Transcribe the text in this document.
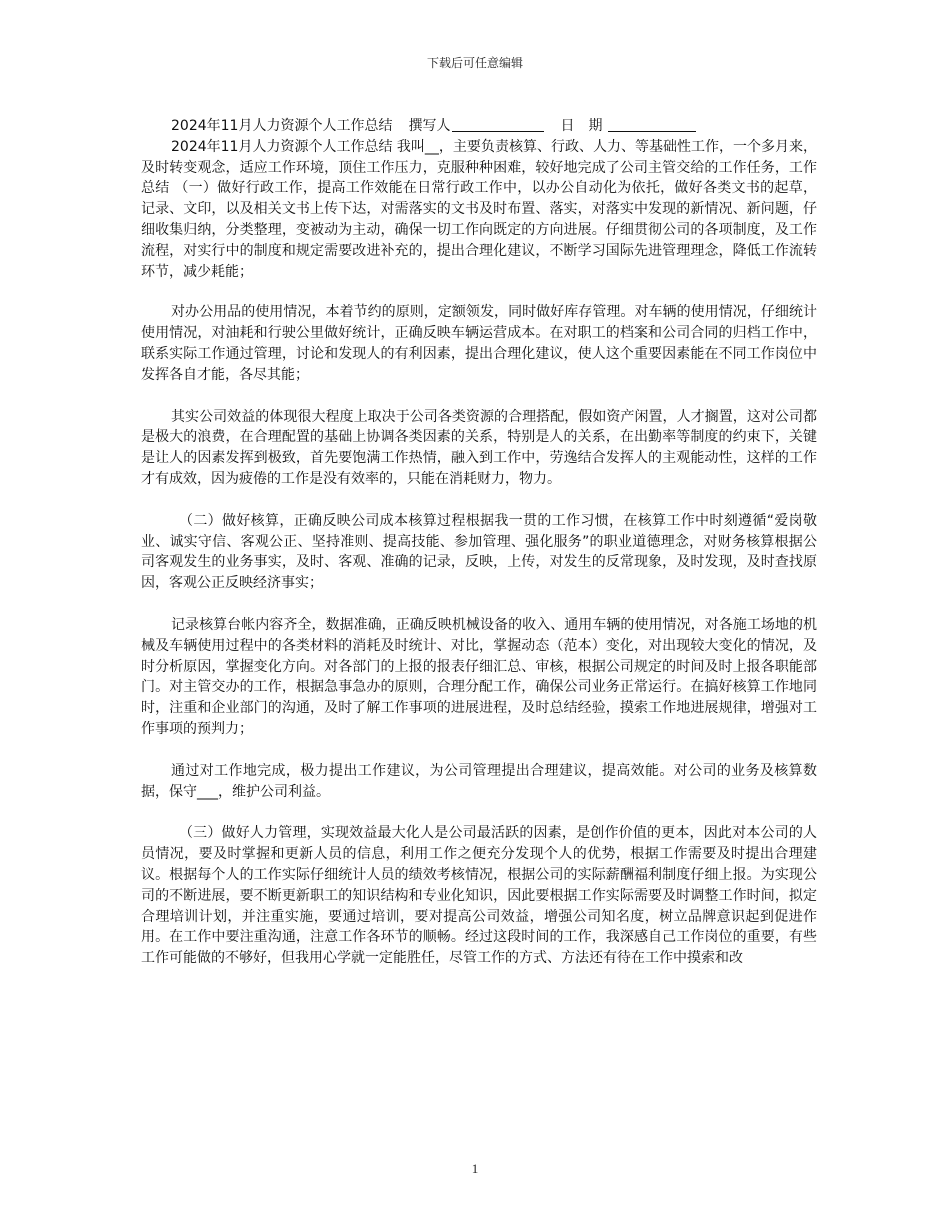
下载后可任意编辑
2024年11月人力资源个人工作总结 撰写人	日　期

2024年11月人力资源个人工作总结 我叫__，主要负责核算、行政、人力、等基础性工作，一个多月来，及时转变观念，适应工作环境，顶住工作压力，克服种种困难，较好地完成了公司主管交给的工作任务，工作总结 （一）做好行政工作，提高工作效能在日常行政工作中，以办公自动化为依托，做好各类文书的起草，记录、文印，以及相关文书上传下达，对需落实的文书及时布置、落实，对落实中发现的新情况、新问题，仔细收集归纳，分类整理，变被动为主动，确保一切工作向既定的方向进展。仔细贯彻公司的各项制度，及工作流程，对实行中的制度和规定需要改进补充的，提出合理化建议，不断学习国际先进管理理念，降低工作流转环节，减少耗能；

对办公用品的使用情况，本着节约的原则，定额领发，同时做好库存管理。对车辆的使用情况，仔细统计使用情况，对油耗和行驶公里做好统计，正确反映车辆运营成本。在对职工的档案和公司合同的归档工作中，联系实际工作通过管理，讨论和发现人的有利因素，提出合理化建议，使人这个重要因素能在不同工作岗位中发挥各自才能，各尽其能；

其实公司效益的体现很大程度上取决于公司各类资源的合理搭配，假如资产闲置，人才搁置，这对公司都是极大的浪费，在合理配置的基础上协调各类因素的关系，特别是人的关系，在出勤率等制度的约束下，关键是让人的因素发挥到极致，首先要饱满工作热情，融入到工作中，劳逸结合发挥人的主观能动性，这样的工作才有成效，因为疲倦的工作是没有效率的，只能在消耗财力，物力。

（二）做好核算，正确反映公司成本核算过程根据我一贯的工作习惯，在核算工作中时刻遵循“爱岗敬业、诚实守信、客观公正、坚持准则、提高技能、参加管理、强化服务”的职业道德理念，对财务核算根据公司客观发生的业务事实，及时、客观、准确的记录，反映，上传，对发生的反常现象，及时发现，及时查找原因，客观公正反映经济事实；

记录核算台帐内容齐全，数据准确，正确反映机械设备的收入、通用车辆的使用情况，对各施工场地的机械及车辆使用过程中的各类材料的消耗及时统计、对比，掌握动态（范本）变化，对出现较大变化的情况，及时分析原因，掌握变化方向。对各部门的上报的报表仔细汇总、审核，根据公司规定的时间及时上报各职能部门。对主管交办的工作，根据急事急办的原则，合理分配工作，确保公司业务正常运行。在搞好核算工作地同时，注重和企业部门的沟通，及时了解工作事项的进展进程，及时总结经验，摸索工作地进展规律，增强对工作事项的预判力；

通过对工作地完成，极力提出工作建议，为公司管理提出合理建议，提高效能。对公司的业务及核算数据，保守___，维护公司利益。

（三）做好人力管理，实现效益最大化人是公司最活跃的因素，是创作价值的更本，因此对本公司的人员情况，要及时掌握和更新人员的信息，利用工作之便充分发现个人的优势，根据工作需要及时提出合理建议。根据每个人的工作实际仔细统计人员的绩效考核情况，根据公司的实际薪酬福利制度仔细上报。为实现公司的不断进展，要不断更新职工的知识结构和专业化知识，因此要根据工作实际需要及时调整工作时间，拟定合理培训计划，并注重实施，要通过培训，要对提高公司效益，增强公司知名度，树立品牌意识起到促进作用。在工作中要注重沟通，注意工作各环节的顺畅。经过这段时间的工作，我深感自己工作岗位的重要，有些工作可能做的不够好，但我用心学就一定能胜任，尽管工作的方式、方法还有待在工作中摸索和改

1
